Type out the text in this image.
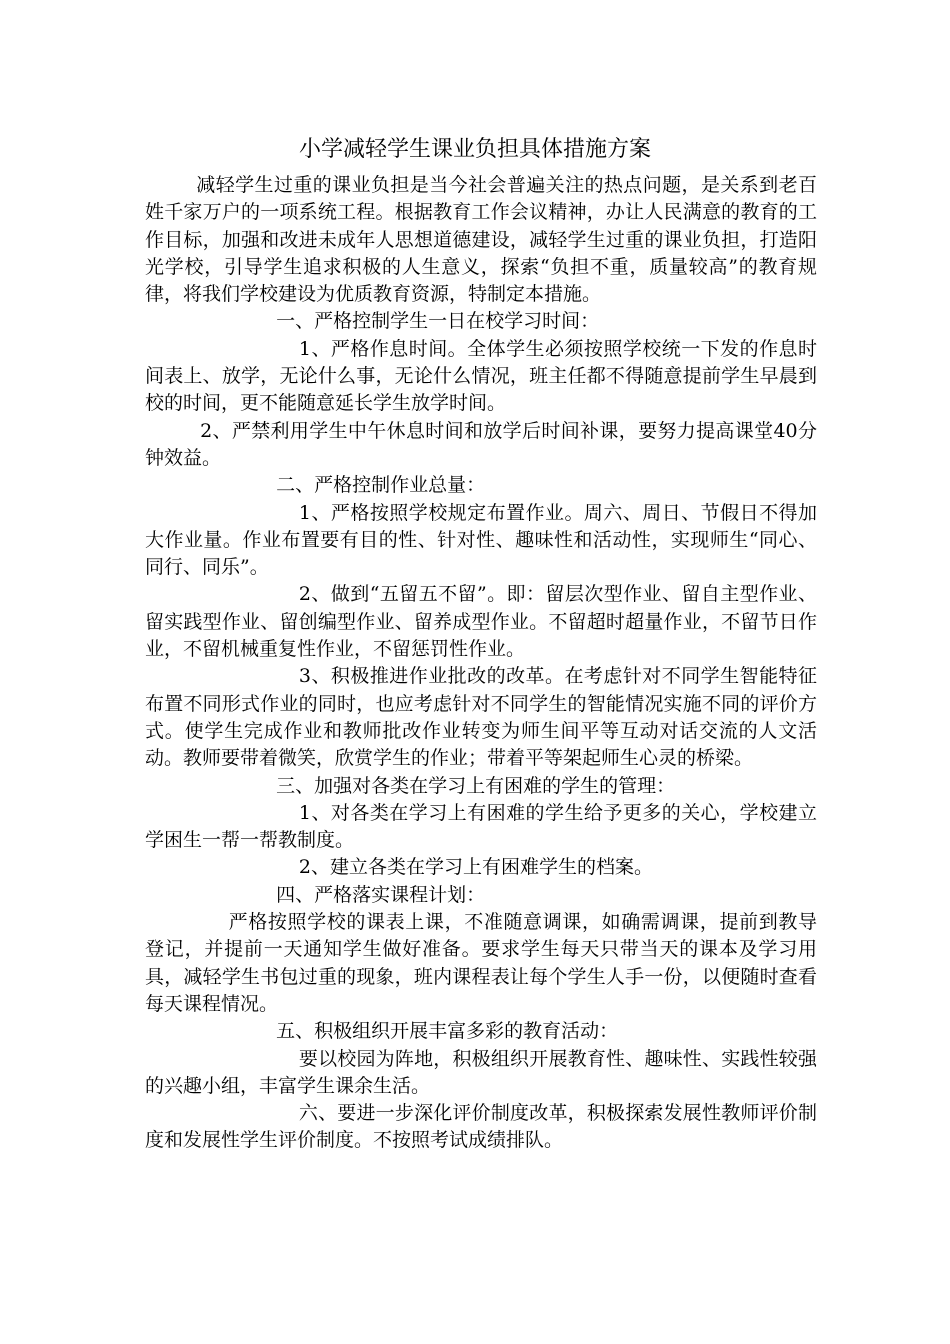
小学减轻学生课业负担具体措施方案

减轻学生过重的课业负担是当今社会普遍关注的热点问题，是关系到老百姓千家万户的一项系统工程。根据教育工作会议精神，办让人民满意的教育的工作目标，加强和改进未成年人思想道德建设，减轻学生过重的课业负担，打造阳光学校，引导学生追求积极的人生意义，探索“负担不重，质量较高”的教育规律，将我们学校建设为优质教育资源，特制定本措施。

一、严格控制学生一日在校学习时间：

1、严格作息时间。全体学生必须按照学校统一下发的作息时间表上、放学，无论什么事，无论什么情况，班主任都不得随意提前学生早晨到校的时间，更不能随意延长学生放学时间。

2、严禁利用学生中午休息时间和放学后时间补课，要努力提高课堂40分钟效益。

二、严格控制作业总量：

1、严格按照学校规定布置作业。周六、周日、节假日不得加大作业量。作业布置要有目的性、针对性、趣味性和活动性，实现师生“同心、同行、同乐”。

2、做到“五留五不留”。即：留层次型作业、留自主型作业、留实践型作业、留创编型作业、留养成型作业。不留超时超量作业，不留节日作业，不留机械重复性作业，不留惩罚性作业。

3、积极推进作业批改的改革。在考虑针对不同学生智能特征布置不同形式作业的同时，也应考虑针对不同学生的智能情况实施不同的评价方式。使学生完成作业和教师批改作业转变为师生间平等互动对话交流的人文活动。教师要带着微笑，欣赏学生的作业；带着平等架起师生心灵的桥梁。

三、加强对各类在学习上有困难的学生的管理：

1、对各类在学习上有困难的学生给予更多的关心，学校建立学困生一帮一帮教制度。

2、建立各类在学习上有困难学生的档案。

四、严格落实课程计划：

严格按照学校的课表上课，不准随意调课，如确需调课，提前到教导登记，并提前一天通知学生做好准备。要求学生每天只带当天的课本及学习用具，减轻学生书包过重的现象，班内课程表让每个学生人手一份，以便随时查看每天课程情况。

五、积极组织开展丰富多彩的教育活动：

要以校园为阵地，积极组织开展教育性、趣味性、实践性较强的兴趣小组，丰富学生课余生活。

六、要进一步深化评价制度改革，积极探索发展性教师评价制度和发展性学生评价制度。不按照考试成绩排队。
